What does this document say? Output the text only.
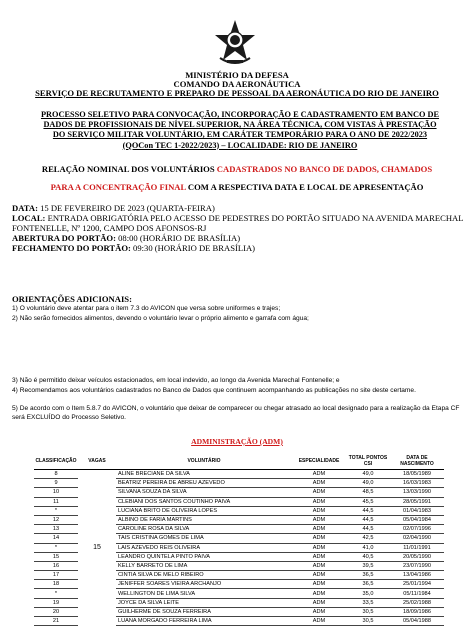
MINISTÉRIO DA DEFESA
COMANDO DA AERONÁUTICA
SERVIÇO DE RECRUTAMENTO E PREPARO DE PESSOAL DA AERONÁUTICA DO RIO DE JANEIRO
PROCESSO SELETIVO PARA CONVOCAÇÃO, INCORPORAÇÃO E CADASTRAMENTO EM BANCO DE DADOS DE PROFISSIONAIS DE NÍVEL SUPERIOR, NA ÁREA TÉCNICA, COM VISTAS À PRESTAÇÃO DO SERVIÇO MILITAR VOLUNTÁRIO, EM CARÁTER TEMPORÁRIO PARA O ANO DE 2022/2023 (QOCon TEC 1-2022/2023) – LOCALIDADE: RIO DE JANEIRO
RELAÇÃO NOMINAL DOS VOLUNTÁRIOS CADASTRADOS NO BANCO DE DADOS, CHAMADOS PARA A CONCENTRAÇÃO FINAL COM A RESPECTIVA DATA E LOCAL DE APRESENTAÇÃO
DATA: 15 DE FEVEREIRO DE 2023 (QUARTA-FEIRA)
LOCAL: ENTRADA OBRIGATÓRIA PELO ACESSO DE PEDESTRES DO PORTÃO SITUADO NA AVENIDA MARECHAL FONTENELLE, Nº 1200, CAMPO DOS AFONSOS-RJ
ABERTURA DO PORTÃO: 08:00 (HORÁRIO DE BRASÍLIA)
FECHAMENTO DO PORTÃO: 09:30 (HORÁRIO DE BRASÍLIA)
ORIENTAÇÕES ADICIONAIS:
1) O voluntário deve atentar para o item 7.3 do AVICON que versa sobre uniformes e trajes;
2) Não serão fornecidos alimentos, devendo o voluntário levar o próprio alimento e garrafa com água;
3) Não é permitido deixar veículos estacionados, em local indevido, ao longo da Avenida Marechal Fontenelle; e
4) Recomendamos aos voluntários cadastrados no Banco de Dados que continuem acompanhando as publicações no site deste certame.
5) De acordo com o Item 5.8.7 do AVICON, o voluntário que deixar de comparecer ou chegar atrasado ao local designado para a realização da Etapa CF será EXCLUÍDO do Processo Seletivo.
ADMINISTRAÇÃO (ADM)
CLASSIFICAÇÃO	VAGAS	VOLUNTÁRIO	ESPECIALIDADE	TOTAL PONTOS CSI	DATA DE NASCIMENTO
8	15	ALINE BRECIANE DA SILVA	ADM	49,0	18/05/1989
9		BEATRIZ PEREIRA DE ABREU AZEVEDO	ADM	49,0	16/03/1983
10		SILVANA SOUZA DA SILVA	ADM	48,5	13/03/1990
11		CLEBIANI DOS SANTOS COUTINHO PAIVA	ADM	45,5	28/05/1991
*		LUCIANA BRITO DE OLIVEIRA LOPES	ADM	44,5	01/04/1983
12		ALBINO DE FARIA MARTINS	ADM	44,5	05/04/1984
13		CAROLINE ROSA DA SILVA	ADM	44,5	02/07/1996
14		TAIS CRISTINA GOMES DE LIMA	ADM	42,5	02/04/1990
*		LAIS AZEVEDO REIS OLIVEIRA	ADM	41,0	11/01/1991
15		LEANDRO QUINTELA PINTO PAIVA	ADM	40,5	20/05/1990
16		KELLY BARRETO DE LIMA	ADM	39,5	23/07/1990
17		CINTIA SILVA DE MELO RIBEIRO	ADM	36,5	13/04/1986
18		JENIFFER SOARES VIEIRA ARCHANJO	ADM	36,5	25/01/1994
*		WELLINGTON DE LIMA SILVA	ADM	35,0	05/11/1984
19		JOYCE DA SILVA LEITE	ADM	33,5	25/02/1988
20		GUILHERME DE SOUZA FERREIRA	ADM	30,5	18/09/1986
21		LUANA MORGADO FERREIRA LIMA	ADM	30,5	05/04/1988
